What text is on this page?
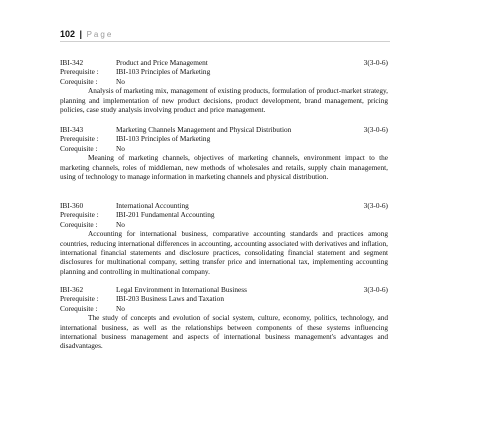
102 | Page
IBI-342	Product and Price Management	3(3-0-6)
Prerequisite : IBI-103 Principles of Marketing
Corequisite :	No

Analysis of marketing mix, management of existing products, formulation of product-market strategy, planning and implementation of new product decisions, product development, brand management, pricing policies, case study analysis involving product and price management.

IBI-343	Marketing Channels Management and Physical Distribution	3(3-0-6)
Prerequisite : IBI-103 Principles of Marketing
Corequisite :	No

Meaning of marketing channels, objectives of marketing channels, environment impact to the marketing channels, roles of middleman, new methods of wholesales and retails, supply chain management, using of technology to manage information in marketing channels and physical distribution.

IBI-360	International Accounting	3(3-0-6)
Prerequisite : IBI-201 Fundamental Accounting
Corequisite :	No

Accounting for international business, comparative accounting standards and practices among countries, reducing international differences in accounting, accounting associated with derivatives and inflation, international financial statements and disclosure practices, consolidating financial statement and segment disclosures for multinational company, setting transfer price and international tax, implementing accounting planning and controlling in multinational company.

IBI-362	Legal Environment in International Business	3(3-0-6)
Prerequisite : IBI-203 Business Laws and Taxation
Corequisite :	No

The study of concepts and evolution of social system, culture, economy, politics, technology, and international business, as well as the relationships between components of these systems influencing international business management and aspects of international business management's advantages and disadvantages.
